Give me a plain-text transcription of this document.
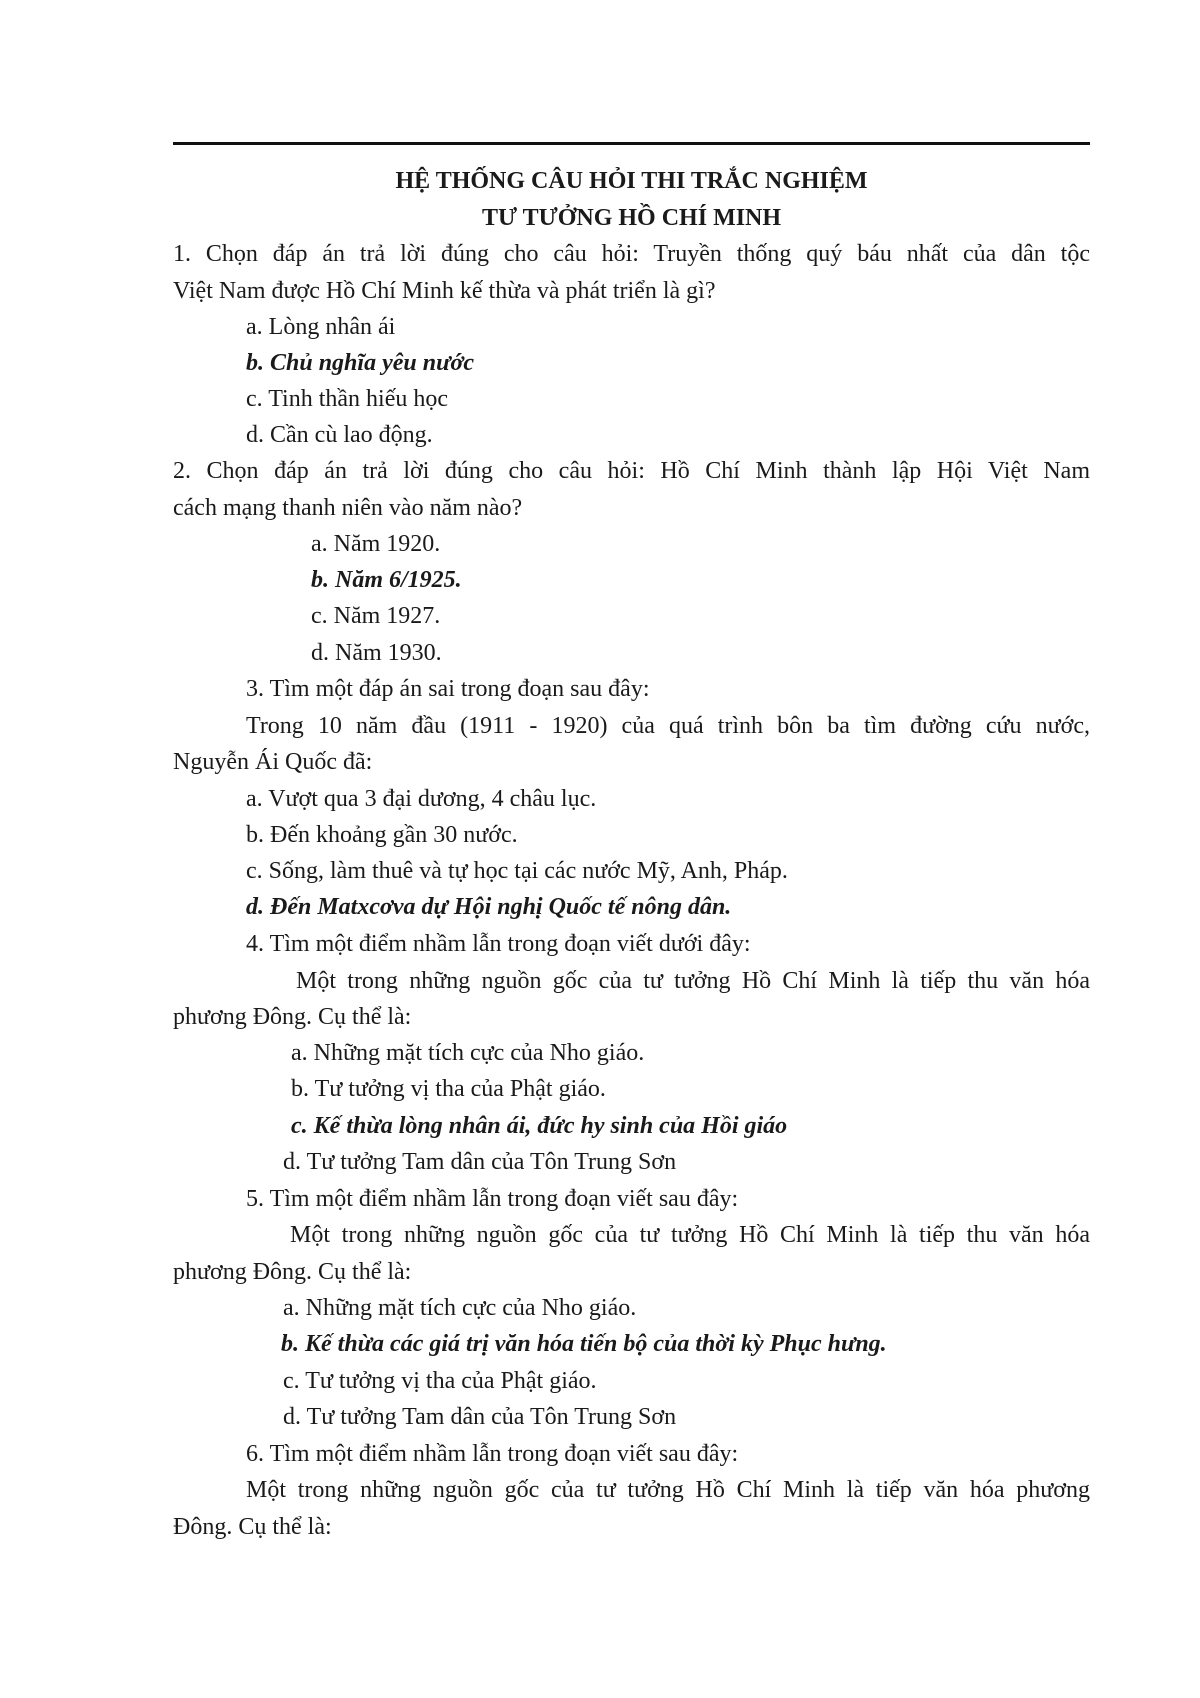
HỆ THỐNG CÂU HỎI THI TRẮC NGHIỆM
TƯ TƯỞNG HỒ CHÍ MINH
1. Chọn đáp án trả lời đúng cho câu hỏi: Truyền thống quý báu nhất của dân tộc
Việt Nam được Hồ Chí Minh kế thừa và phát triển là gì?
a. Lòng nhân ái
b. Chủ nghĩa yêu nước
c. Tinh thần hiếu học
d. Cần cù lao động.
2. Chọn đáp án trả lời đúng cho câu hỏi: Hồ Chí Minh thành lập Hội Việt Nam
cách mạng thanh niên vào năm nào?
a. Năm 1920.
b. Năm 6/1925.
c. Năm 1927.
d. Năm 1930.
3. Tìm một đáp án sai trong đoạn sau đây:
Trong 10 năm đầu (1911 - 1920) của quá trình bôn ba tìm đường cứu nước,
Nguyễn Ái Quốc đã:
a. Vượt qua 3 đại dương, 4 châu lục.
b. Đến khoảng gần 30 nước.
c. Sống, làm thuê và tự học tại các nước Mỹ, Anh, Pháp.
d. Đến Matxcơva dự Hội nghị Quốc tế nông dân.
4. Tìm một điểm nhầm lẫn trong đoạn viết dưới đây:
Một trong những nguồn gốc của tư tưởng Hồ Chí Minh là tiếp thu văn hóa
phương Đông. Cụ thể là:
a. Những mặt tích cực của Nho giáo.
b. Tư tưởng vị tha của Phật giáo.
c. Kế thừa lòng nhân ái, đức hy sinh của Hồi giáo
d. Tư tưởng Tam dân của Tôn Trung Sơn
5. Tìm một điểm nhầm lẫn trong đoạn viết sau đây:
Một trong những nguồn gốc của tư tưởng Hồ Chí Minh là tiếp thu văn hóa
phương Đông. Cụ thể là:
a. Những mặt tích cực của Nho giáo.
b. Kế thừa các giá trị văn hóa tiến bộ của thời kỳ Phục hưng.
c. Tư tưởng vị tha của Phật giáo.
d. Tư tưởng Tam dân của Tôn Trung Sơn
6. Tìm một điểm nhầm lẫn trong đoạn viết sau đây:
Một trong những nguồn gốc của tư tưởng Hồ Chí Minh là tiếp văn hóa phương
Đông. Cụ thể là:
